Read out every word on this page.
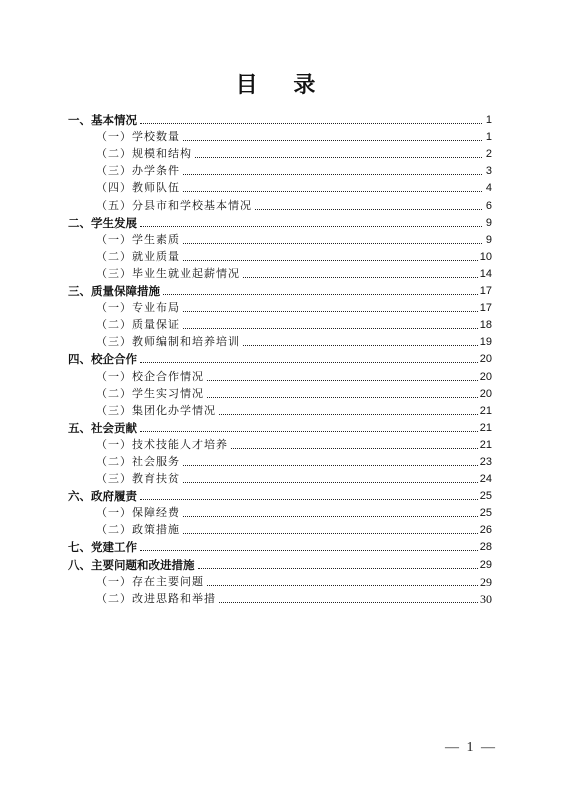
目 录
一、基本情况	1
（一）学校数量	1
（二）规模和结构	2
（三）办学条件	3
（四）教师队伍	4
（五）分县市和学校基本情况	6
二、学生发展	9
（一）学生素质	9
（二）就业质量	10
（三）毕业生就业起薪情况	14
三、质量保障措施	17
（一）专业布局	17
（二）质量保证	18
（三）教师编制和培养培训	19
四、校企合作	20
（一）校企合作情况	20
（二）学生实习情况	20
（三）集团化办学情况	21
五、社会贡献	21
（一）技术技能人才培养	21
（二）社会服务	23
（三）教育扶贫	24
六、政府履责	25
（一）保障经费	25
（二）政策措施	26
七、党建工作	28
八、主要问题和改进措施	29
（一）存在主要问题	29
（二）改进思路和举措	30
— 1 —
